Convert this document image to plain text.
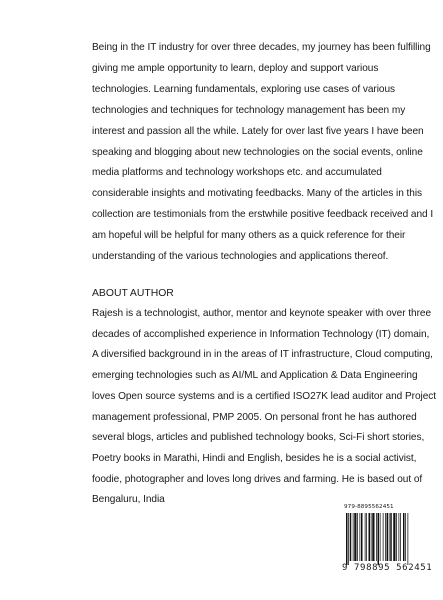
Being in the IT industry for over three decades, my journey has been fulfilling giving me ample opportunity to learn, deploy and support various technologies. Learning fundamentals, exploring use cases of various technologies and techniques for technology management has been my interest and passion all the while. Lately for over last five years I have been speaking and blogging about new technologies on the social events, online media platforms and technology workshops etc. and accumulated considerable insights and motivating feedbacks. Many of the articles in this collection are testimonials from the erstwhile positive feedback received and I am hopeful will be helpful for many others as a quick reference for their understanding of the various technologies and applications thereof.

ABOUT AUTHOR

Rajesh is a technologist, author, mentor and keynote speaker with over three decades of accomplished experience in Information Technology (IT) domain, A diversified background in in the areas of IT infrastructure, Cloud computing, emerging technologies such as AI/ML and Application & Data Engineering loves Open source systems and is a certified ISO27K lead auditor and Project management professional, PMP 2005. On personal front he has authored several blogs, articles and published technology books, Sci-Fi short stories, Poetry books in Marathi, Hindi and English, besides he is a social activist, foodie, photographer and loves long drives and farming. He is based out of Bengaluru, India

979-8895562451
9 798895 562451
